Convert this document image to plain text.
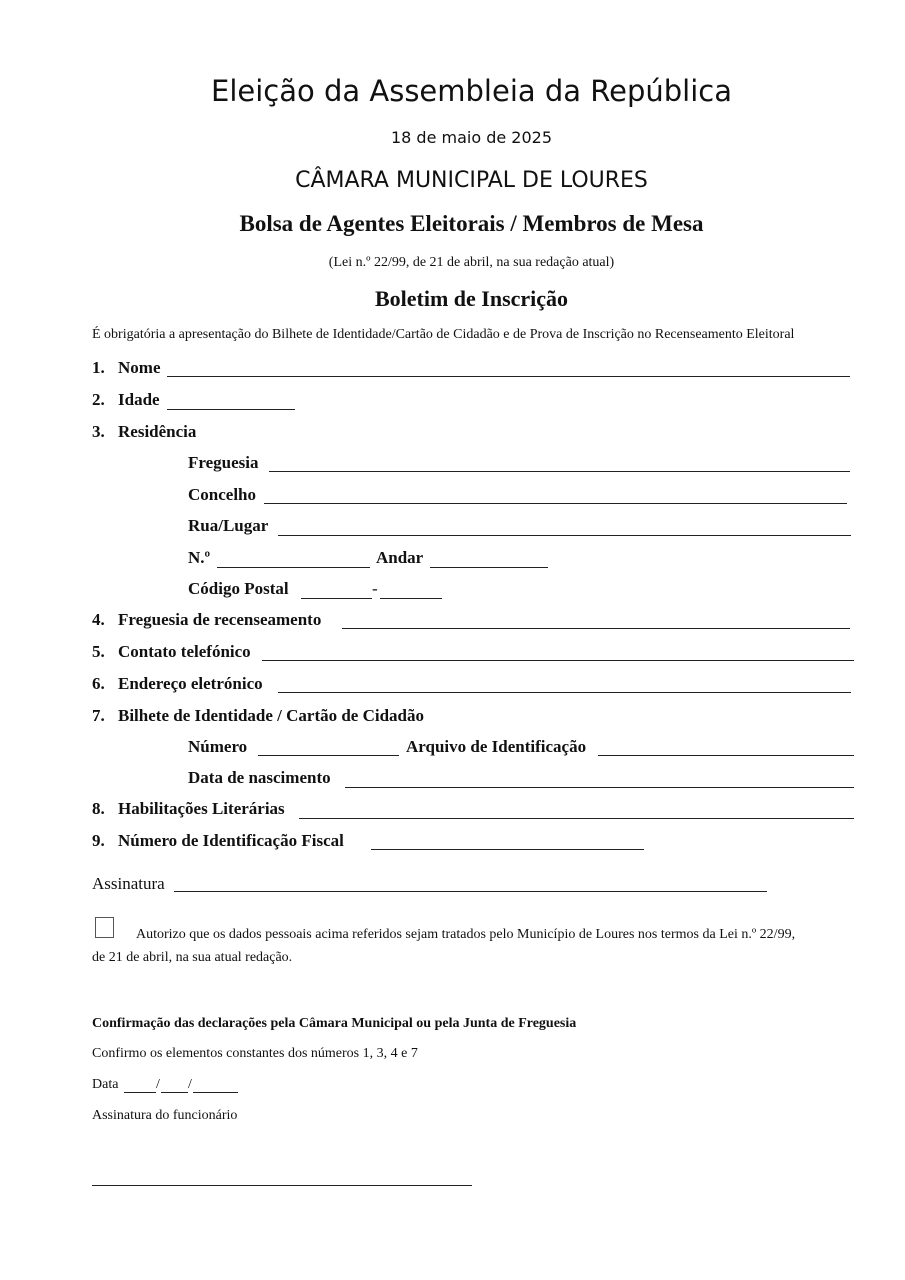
Eleição da Assembleia da República
18 de maio de 2025
CÂMARA MUNICIPAL DE LOURES
Bolsa de Agentes Eleitorais / Membros de Mesa
(Lei n.º 22/99, de 21 de abril, na sua redação atual)
Boletim de Inscrição
É obrigatória a apresentação do Bilhete de Identidade/Cartão de Cidadão e de Prova de Inscrição no Recenseamento Eleitoral
1. Nome
2. Idade
3. Residência
Freguesia
Concelho
Rua/Lugar
N.º	Andar
Código Postal	-
4. Freguesia de recenseamento
5. Contato telefónico
6. Endereço eletrónico
7. Bilhete de Identidade / Cartão de Cidadão
Número	Arquivo de Identificação
Data de nascimento
8. Habilitações Literárias
9. Número de Identificação Fiscal
Assinatura
Autorizo que os dados pessoais acima referidos sejam tratados pelo Município de Loures nos termos da Lei n.º 22/99,
de 21 de abril, na sua atual redação.
Confirmação das declarações pela Câmara Municipal ou pela Junta de Freguesia
Confirmo os elementos constantes dos números 1, 3, 4 e 7
Data	/ /
Assinatura do funcionário
